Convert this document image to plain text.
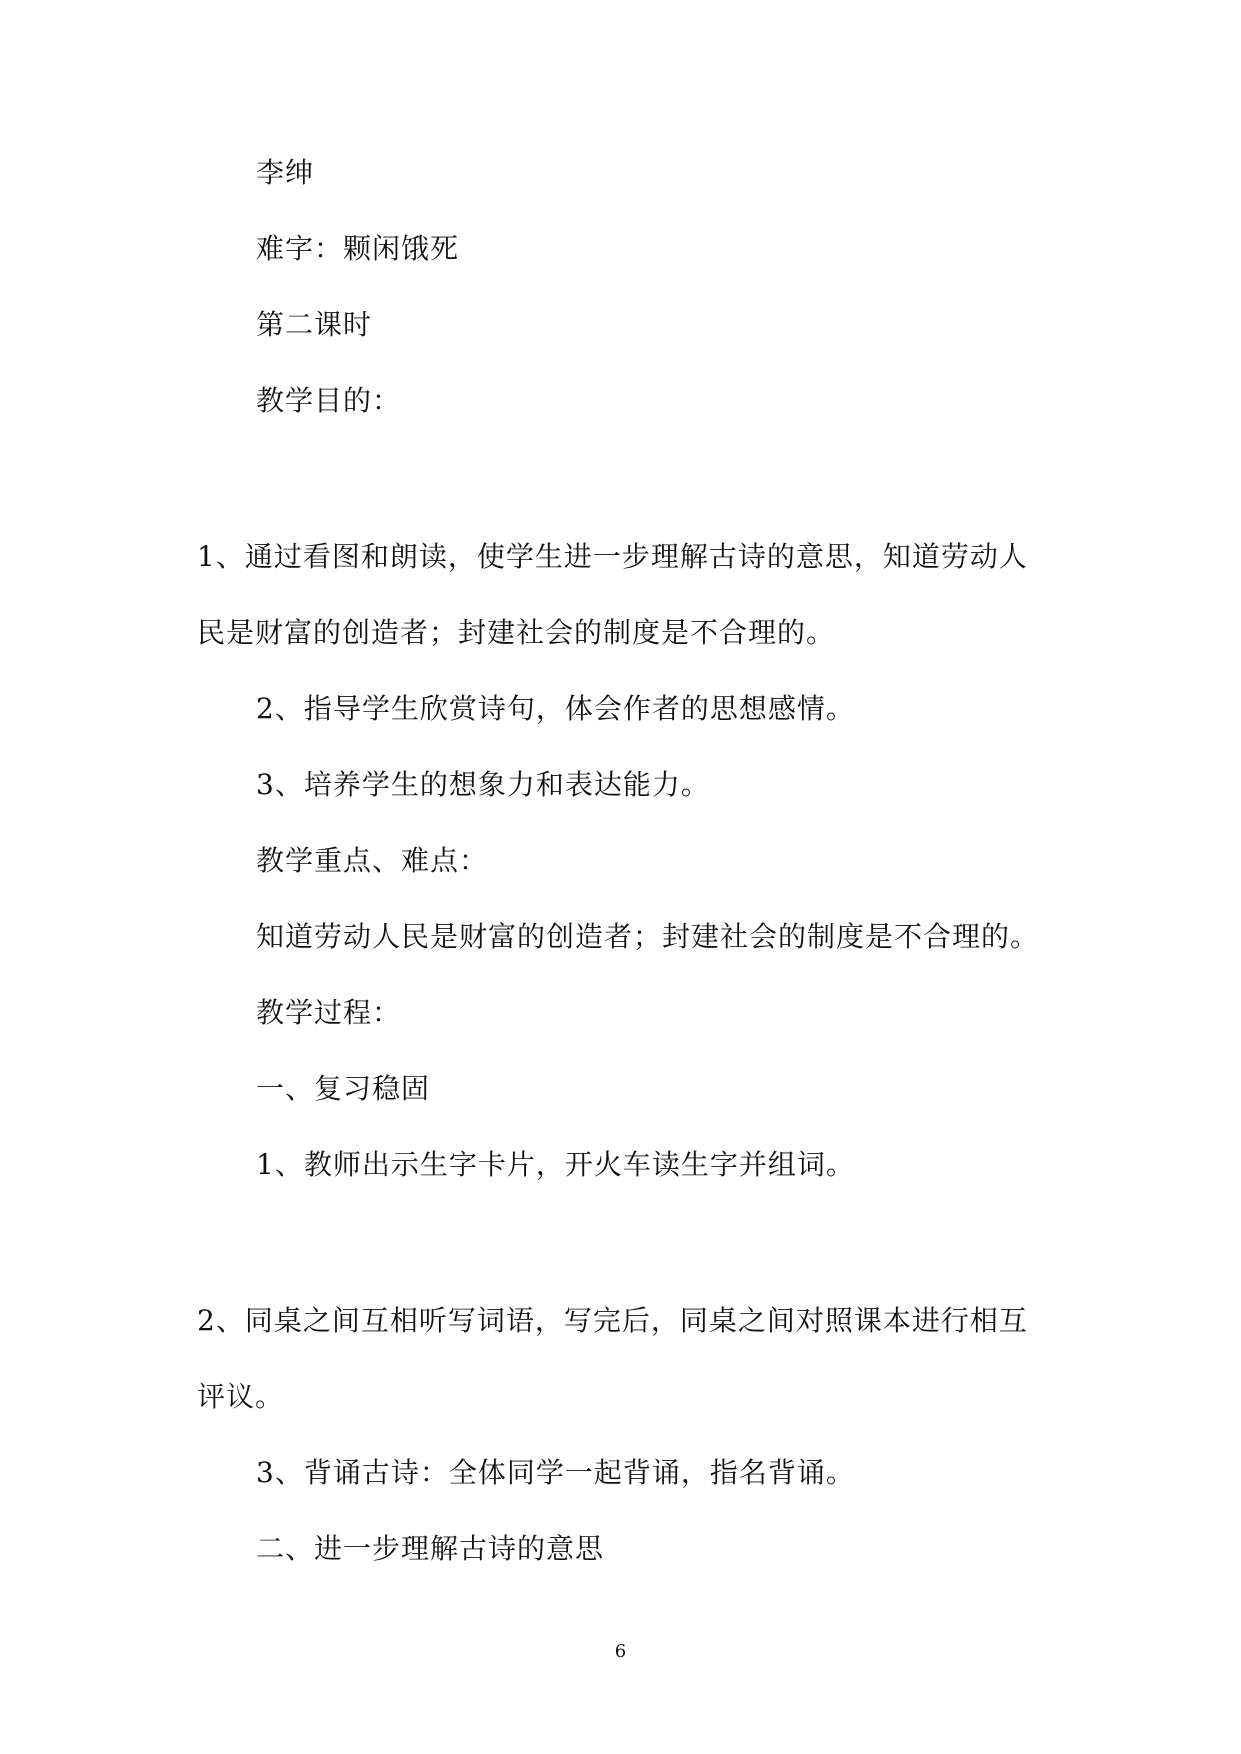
李绅
难字：颗闲饿死
第二课时
教学目的：
1、通过看图和朗读，使学生进一步理解古诗的意思，知道劳动人
民是财富的创造者；封建社会的制度是不合理的。
2、指导学生欣赏诗句，体会作者的思想感情。
3、培养学生的想象力和表达能力。
教学重点、难点：
知道劳动人民是财富的创造者；封建社会的制度是不合理的。
教学过程：
一、复习稳固
1、教师出示生字卡片，开火车读生字并组词。
2、同桌之间互相听写词语，写完后，同桌之间对照课本进行相互
评议。
3、背诵古诗：全体同学一起背诵，指名背诵。
二、进一步理解古诗的意思
6
